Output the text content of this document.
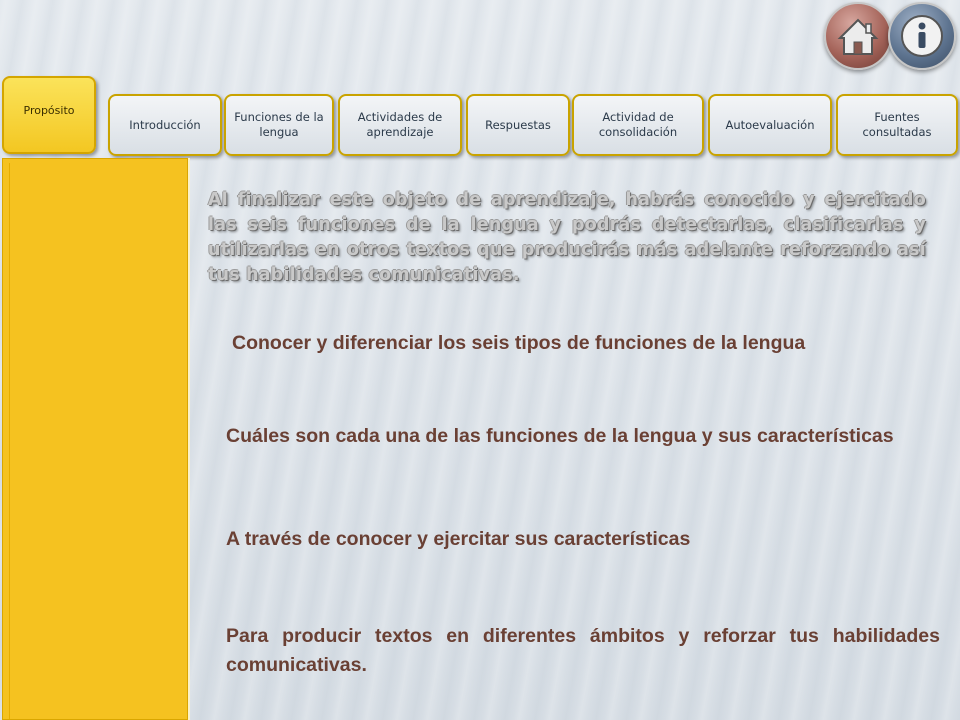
Propósito
Introducción
Funciones de la lengua
Actividades de aprendizaje
Respuestas
Actividad de consolidación
Autoevaluación
Fuentes consultadas
Al finalizar este objeto de aprendizaje, habrás conocido y ejercitado las seis funciones de la lengua y podrás detectarlas, clasificarlas y utilizarlas en otros textos que producirás más adelante reforzando así tus habilidades comunicativas.
Conocer y diferenciar los seis tipos de funciones de la lengua
Cuáles son cada una de las funciones de la lengua y sus características
A través de conocer y ejercitar sus características
Para producir textos en diferentes ámbitos y reforzar tus habilidades comunicativas.
